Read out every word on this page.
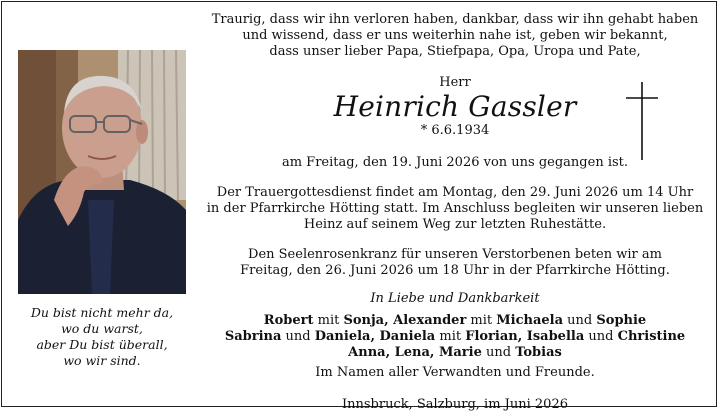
Du bist nicht mehr da,
wo du warst,
aber Du bist überall,
wo wir sind.
Traurig, dass wir ihn verloren haben, dankbar, dass wir ihn gehabt haben
und wissend, dass er uns weiterhin nahe ist, geben wir bekannt,
dass unser lieber Papa, Stiefpapa, Opa, Uropa und Pate,
Herr
Heinrich Gassler
* 6.6.1934
am Freitag, den 19. Juni 2026 von uns gegangen ist.
Der Trauergottesdienst findet am Montag, den 29. Juni 2026 um 14 Uhr
in der Pfarrkirche Hötting statt. Im Anschluss begleiten wir unseren lieben
Heinz auf seinem Weg zur letzten Ruhestätte.
Den Seelenrosenkranz für unseren Verstorbenen beten wir am
Freitag, den 26. Juni 2026 um 18 Uhr in der Pfarrkirche Hötting.
In Liebe und Dankbarkeit
Robert mit Sonja, Alexander mit Michaela und Sophie
Sabrina und Daniela, Daniela mit Florian, Isabella und Christine
Anna, Lena, Marie und Tobias
Im Namen aller Verwandten und Freunde.
Innsbruck, Salzburg, im Juni 2026
